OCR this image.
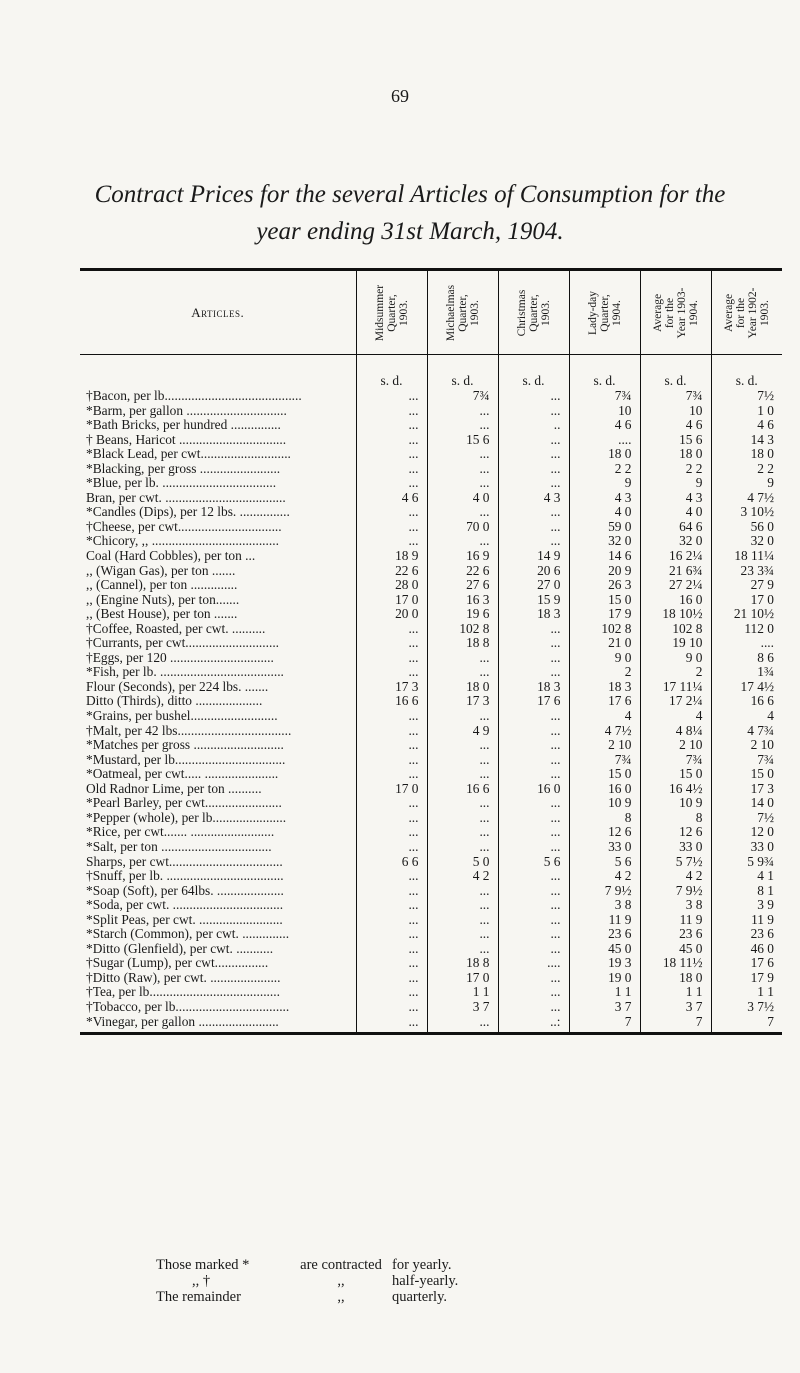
69
Contract Prices for the several Articles of Consumption for the
year ending 31st March, 1904.
Articles.	Midsummer
Quarter,
1903.	Michaelmas
Quarter,
1903.	Christmas
Quarter,
1903.	Lady-day
Quarter,
1904.	Average
for the
Year 1903-
1904.	Average
for the
Year 1902-
1903.

	s. d.	s. d.	s. d.	s. d.	s. d.	s. d.
†Bacon, per lb.........................................	...	7¾	...	7¾	7¾	7½
*Barm, per gallon ..............................	...	...	...	10	10	1 0
*Bath Bricks, per hundred ...............	...	...	..	4 6	4 6	4 6
† Beans, Haricot ................................	...	15 6	...	....	15 6	14 3
*Black Lead, per cwt...........................	...	...	...	18 0	18 0	18 0
*Blacking, per gross ........................	...	...	...	2 2	2 2	2 2
*Blue, per lb. ..................................	...	...	...	9	9	9
Bran, per cwt. ....................................	4 6	4 0	4 3	4 3	4 3	4 7½
*Candles (Dips), per 12 lbs. ...............	...	...	...	4 0	4 0	3 10½
†Cheese, per cwt...............................	...	70 0	...	59 0	64 6	56 0
*Chicory, ,, ......................................	...	...	...	32 0	32 0	32 0
Coal (Hard Cobbles), per ton ...	18 9	16 9	14 9	14 6	16 2¼	18 11¼
,, (Wigan Gas), per ton .......	22 6	22 6	20 6	20 9	21 6¾	23 3¾
,, (Cannel), per ton ..............	28 0	27 6	27 0	26 3	27 2¼	27 9
,, (Engine Nuts), per ton.......	17 0	16 3	15 9	15 0	16 0	17 0
,, (Best House), per ton .......	20 0	19 6	18 3	17 9	18 10½	21 10½
†Coffee, Roasted, per cwt. ..........	...	102 8	...	102 8	102 8	112 0
†Currants, per cwt............................	...	18 8	...	21 0	19 10	....
†Eggs, per 120 ...............................	...	...	...	9 0	9 0	8 6
*Fish, per lb. .....................................	...	...	...	2	2	1¾
Flour (Seconds), per 224 lbs. .......	17 3	18 0	18 3	18 3	17 11¼	17 4½
Ditto (Thirds), ditto ....................	16 6	17 3	17 6	17 6	17 2¼	16 6
*Grains, per bushel..........................	...	...	...	4	4	4
†Malt, per 42 lbs..................................	...	4 9	...	4 7½	4 8¼	4 7¾
*Matches per gross ...........................	...	...	...	2 10	2 10	2 10
*Mustard, per lb.................................	...	...	...	7¾	7¾	7¾
*Oatmeal, per cwt..... ......................	...	...	...	15 0	15 0	15 0
Old Radnor Lime, per ton ..........	17 0	16 6	16 0	16 0	16 4½	17 3
*Pearl Barley, per cwt.......................	...	...	...	10 9	10 9	14 0
*Pepper (whole), per lb......................	...	...	...	8	8	7½
*Rice, per cwt....... .........................	...	...	...	12 6	12 6	12 0
*Salt, per ton .................................	...	...	...	33 0	33 0	33 0
Sharps, per cwt..................................	6 6	5 0	5 6	5 6	5 7½	5 9¾
†Snuff, per lb. ...................................	...	4 2	...	4 2	4 2	4 1
*Soap (Soft), per 64lbs. ....................	...	...	...	7 9½	7 9½	8 1
*Soda, per cwt. .................................	...	...	...	3 8	3 8	3 9
*Split Peas, per cwt. .........................	...	...	...	11 9	11 9	11 9
*Starch (Common), per cwt. ..............	...	...	...	23 6	23 6	23 6
*Ditto (Glenfield), per cwt. ...........	...	...	...	45 0	45 0	46 0
†Sugar (Lump), per cwt................	...	18 8	....	19 3	18 11½	17 6
†Ditto (Raw), per cwt. .....................	...	17 0	...	19 0	18 0	17 9
†Tea, per lb.......................................	...	1 1	...	1 1	1 1	1 1
†Tobacco, per lb..................................	...	3 7	...	3 7	3 7	3 7½
*Vinegar, per gallon ........................	...	...	..:	7	7	7
Those marked *	are contracted for yearly.
,, †	,,	half-yearly.
The remainder	,,	quarterly.
